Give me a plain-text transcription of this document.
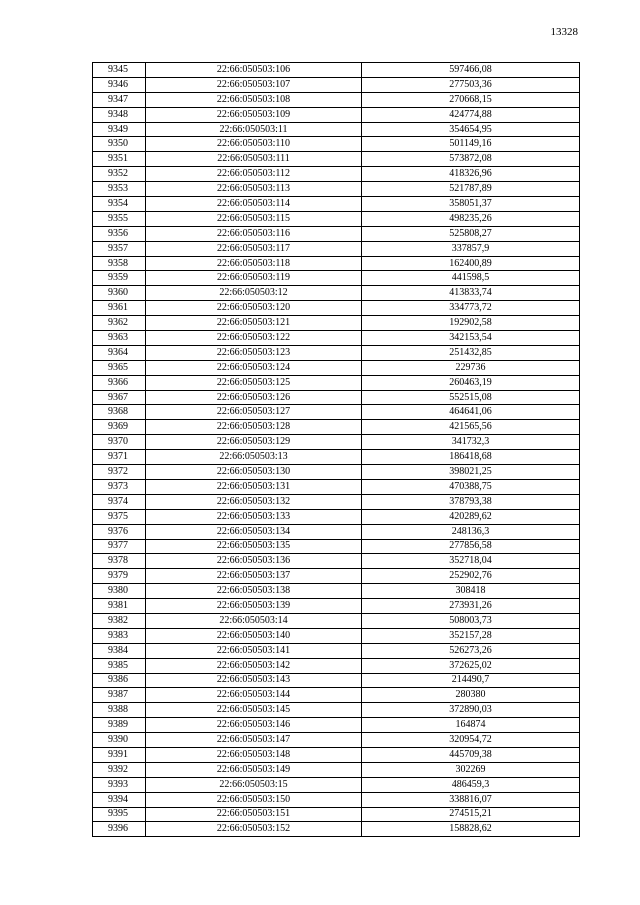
13328
9345	22:66:050503:106	597466,08
9346	22:66:050503:107	277503,36
9347	22:66:050503:108	270668,15
9348	22:66:050503:109	424774,88
9349	22:66:050503:11	354654,95
9350	22:66:050503:110	501149,16
9351	22:66:050503:111	573872,08
9352	22:66:050503:112	418326,96
9353	22:66:050503:113	521787,89
9354	22:66:050503:114	358051,37
9355	22:66:050503:115	498235,26
9356	22:66:050503:116	525808,27
9357	22:66:050503:117	337857,9
9358	22:66:050503:118	162400,89
9359	22:66:050503:119	441598,5
9360	22:66:050503:12	413833,74
9361	22:66:050503:120	334773,72
9362	22:66:050503:121	192902,58
9363	22:66:050503:122	342153,54
9364	22:66:050503:123	251432,85
9365	22:66:050503:124	229736
9366	22:66:050503:125	260463,19
9367	22:66:050503:126	552515,08
9368	22:66:050503:127	464641,06
9369	22:66:050503:128	421565,56
9370	22:66:050503:129	341732,3
9371	22:66:050503:13	186418,68
9372	22:66:050503:130	398021,25
9373	22:66:050503:131	470388,75
9374	22:66:050503:132	378793,38
9375	22:66:050503:133	420289,62
9376	22:66:050503:134	248136,3
9377	22:66:050503:135	277856,58
9378	22:66:050503:136	352718,04
9379	22:66:050503:137	252902,76
9380	22:66:050503:138	308418
9381	22:66:050503:139	273931,26
9382	22:66:050503:14	508003,73
9383	22:66:050503:140	352157,28
9384	22:66:050503:141	526273,26
9385	22:66:050503:142	372625,02
9386	22:66:050503:143	214490,7
9387	22:66:050503:144	280380
9388	22:66:050503:145	372890,03
9389	22:66:050503:146	164874
9390	22:66:050503:147	320954,72
9391	22:66:050503:148	445709,38
9392	22:66:050503:149	302269
9393	22:66:050503:15	486459,3
9394	22:66:050503:150	338816,07
9395	22:66:050503:151	274515,21
9396	22:66:050503:152	158828,62
